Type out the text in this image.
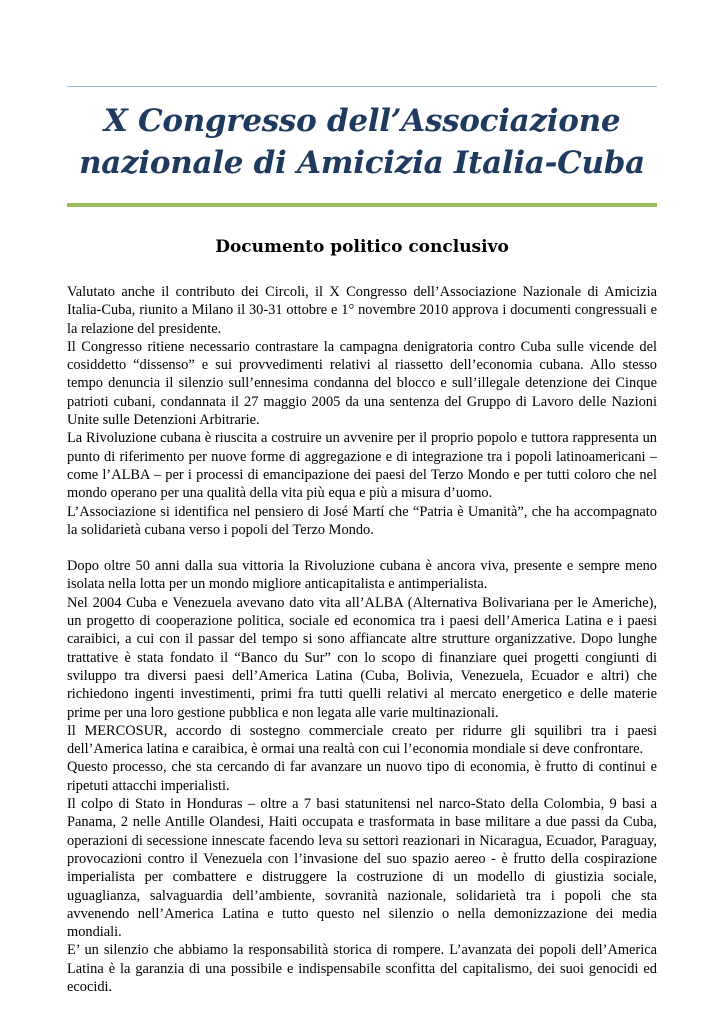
X Congresso dell’Associazione
nazionale di Amicizia Italia-Cuba
Documento politico conclusivo

Valutato anche il contributo dei Circoli, il X Congresso dell’Associazione Nazionale di Amicizia Italia-Cuba, riunito a Milano il 30-31 ottobre e 1° novembre 2010 approva i documenti congressuali e la relazione del presidente.

Il Congresso ritiene necessario contrastare la campagna denigratoria contro Cuba sulle vicende del cosiddetto “dissenso” e sui provvedimenti relativi al riassetto dell’economia cubana. Allo stesso tempo denuncia il silenzio sull’ennesima condanna del blocco e sull’illegale detenzione dei Cinque patrioti cubani, condannata il 27 maggio 2005 da una sentenza del Gruppo di Lavoro delle Nazioni Unite sulle Detenzioni Arbitrarie.

La Rivoluzione cubana è riuscita a costruire un avvenire per il proprio popolo e tuttora rappresenta un punto di riferimento per nuove forme di aggregazione e di integrazione tra i popoli latinoamericani – come l’ALBA – per i processi di emancipazione dei paesi del Terzo Mondo e per tutti coloro che nel mondo operano per una qualità della vita più equa e più a misura d’uomo.

L’Associazione si identifica nel pensiero di José Martí che “Patria è Umanità”, che ha accompagnato la solidarietà cubana verso i popoli del Terzo Mondo.

Dopo oltre 50 anni dalla sua vittoria la Rivoluzione cubana è ancora viva, presente e sempre meno isolata nella lotta per un mondo migliore anticapitalista e antimperialista.

Nel 2004 Cuba e Venezuela avevano dato vita all’ALBA (Alternativa Bolivariana per le Americhe), un progetto di cooperazione politica, sociale ed economica tra i paesi dell’America Latina e i paesi caraibici, a cui con il passar del tempo si sono affiancate altre strutture organizzative. Dopo lunghe trattative è stata fondato il “Banco du Sur” con lo scopo di finanziare quei progetti congiunti di sviluppo tra diversi paesi dell’America Latina (Cuba, Bolivia, Venezuela, Ecuador e altri) che richiedono ingenti investimenti, primi fra tutti quelli relativi al mercato energetico e delle materie prime per una loro gestione pubblica e non legata alle varie multinazionali.

Il MERCOSUR, accordo di sostegno commerciale creato per ridurre gli squilibri tra i paesi dell’America latina e caraibica, è ormai una realtà con cui l’economia mondiale si deve confrontare.

Questo processo, che sta cercando di far avanzare un nuovo tipo di economia, è frutto di continui e ripetuti attacchi imperialisti.

Il colpo di Stato in Honduras – oltre a 7 basi statunitensi nel narco-Stato della Colombia, 9 basi a Panama, 2 nelle Antille Olandesi, Haiti occupata e trasformata in base militare a due passi da Cuba, operazioni di secessione innescate facendo leva su settori reazionari in Nicaragua, Ecuador, Paraguay, provocazioni contro il Venezuela con l’invasione del suo spazio aereo - è frutto della cospirazione imperialista per combattere e distruggere la costruzione di un modello di giustizia sociale, uguaglianza, salvaguardia dell’ambiente, sovranità nazionale, solidarietà tra i popoli che sta avvenendo nell’America Latina e tutto questo nel silenzio o nella demonizzazione dei media mondiali.

E’ un silenzio che abbiamo la responsabilità storica di rompere. L’avanzata dei popoli dell’America Latina è la garanzia di una possibile e indispensabile sconfitta del capitalismo, dei suoi genocidi ed ecocidi.
